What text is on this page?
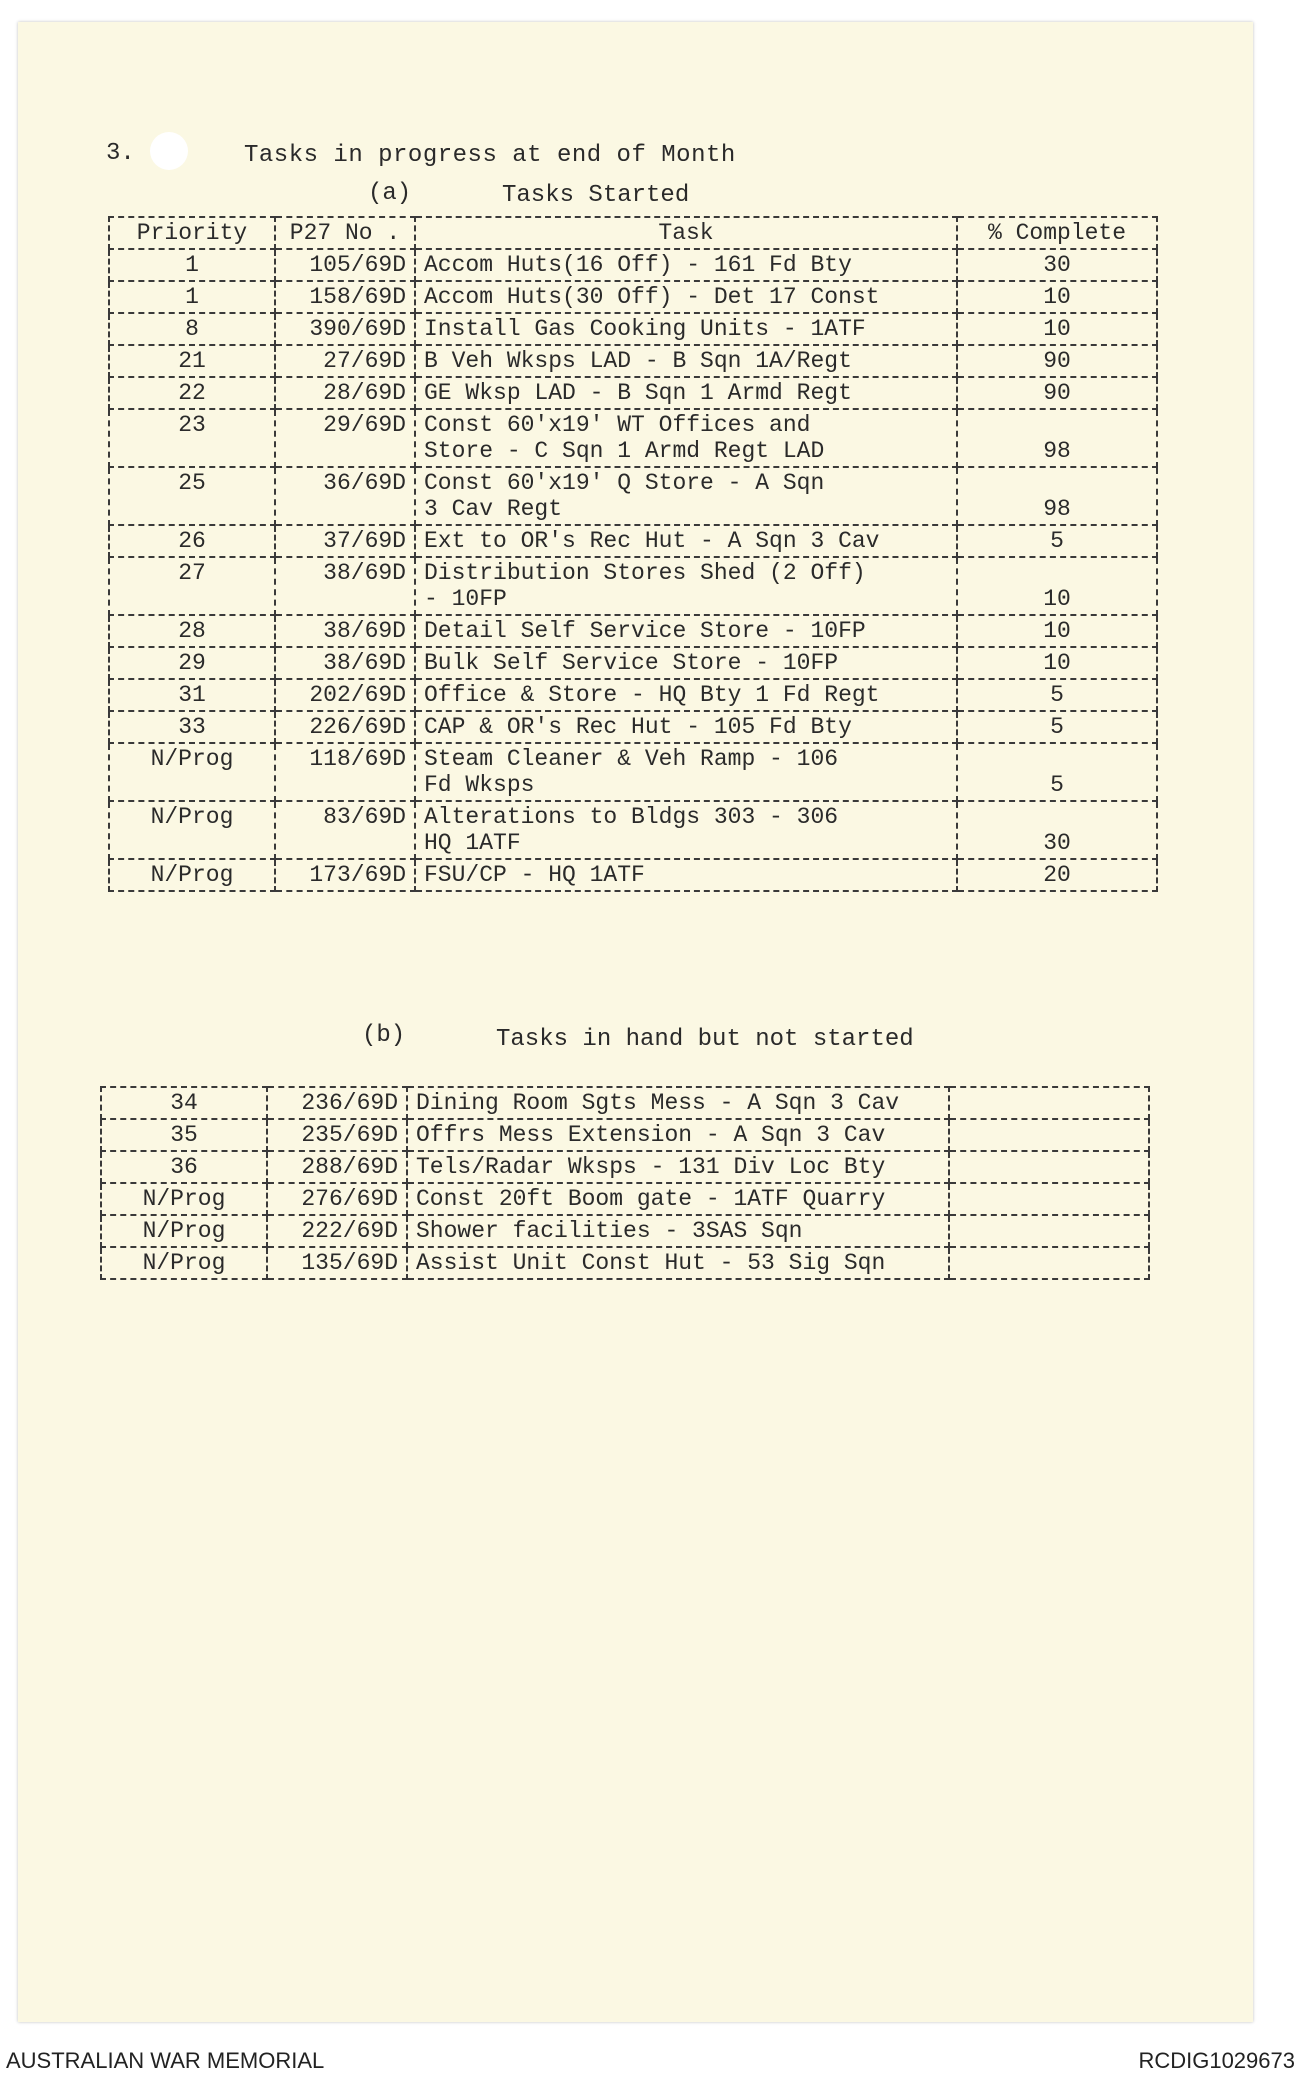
3.	Tasks in progress at end of Month
(a)	Tasks Started
Priority	P27 No .	Task	% Complete
1	105/69D	Accom Huts(16 Off) - 161 Fd Bty	30
1	158/69D	Accom Huts(30 Off) - Det 17 Const	10
8	390/69D	Install Gas Cooking Units - 1ATF	10
21	27/69D	B Veh Wksps LAD - B Sqn 1A/Regt	90
22	28/69D	GE Wksp LAD - B Sqn 1 Armd Regt	90
23	29/69D	Const 60'x19' WT Offices and
Store - C Sqn 1 Armd Regt LAD	98
25	36/69D	Const 60'x19' Q Store - A Sqn
3 Cav Regt	98
26	37/69D	Ext to OR's Rec Hut - A Sqn 3 Cav	5
27	38/69D	Distribution Stores Shed (2 Off)
- 10FP	10
28	38/69D	Detail Self Service Store - 10FP	10
29	38/69D	Bulk Self Service Store - 10FP	10
31	202/69D	Office & Store - HQ Bty 1 Fd Regt	5
33	226/69D	CAP & OR's Rec Hut - 105 Fd Bty	5
N/Prog	118/69D	Steam Cleaner & Veh Ramp - 106
Fd Wksps	5
N/Prog	83/69D	Alterations to Bldgs 303 - 306
HQ 1ATF	30
N/Prog	173/69D	FSU/CP - HQ 1ATF	20
(b)	Tasks in hand but not started
34	236/69D	Dining Room Sgts Mess - A Sqn 3 Cav	
35	235/69D	Offrs Mess Extension - A Sqn 3 Cav	
36	288/69D	Tels/Radar Wksps - 131 Div Loc Bty	
N/Prog	276/69D	Const 20ft Boom gate - 1ATF Quarry	
N/Prog	222/69D	Shower facilities - 3SAS Sqn	
N/Prog	135/69D	Assist Unit Const Hut - 53 Sig Sqn	
AUSTRALIAN WAR MEMORIAL	RCDIG1029673
